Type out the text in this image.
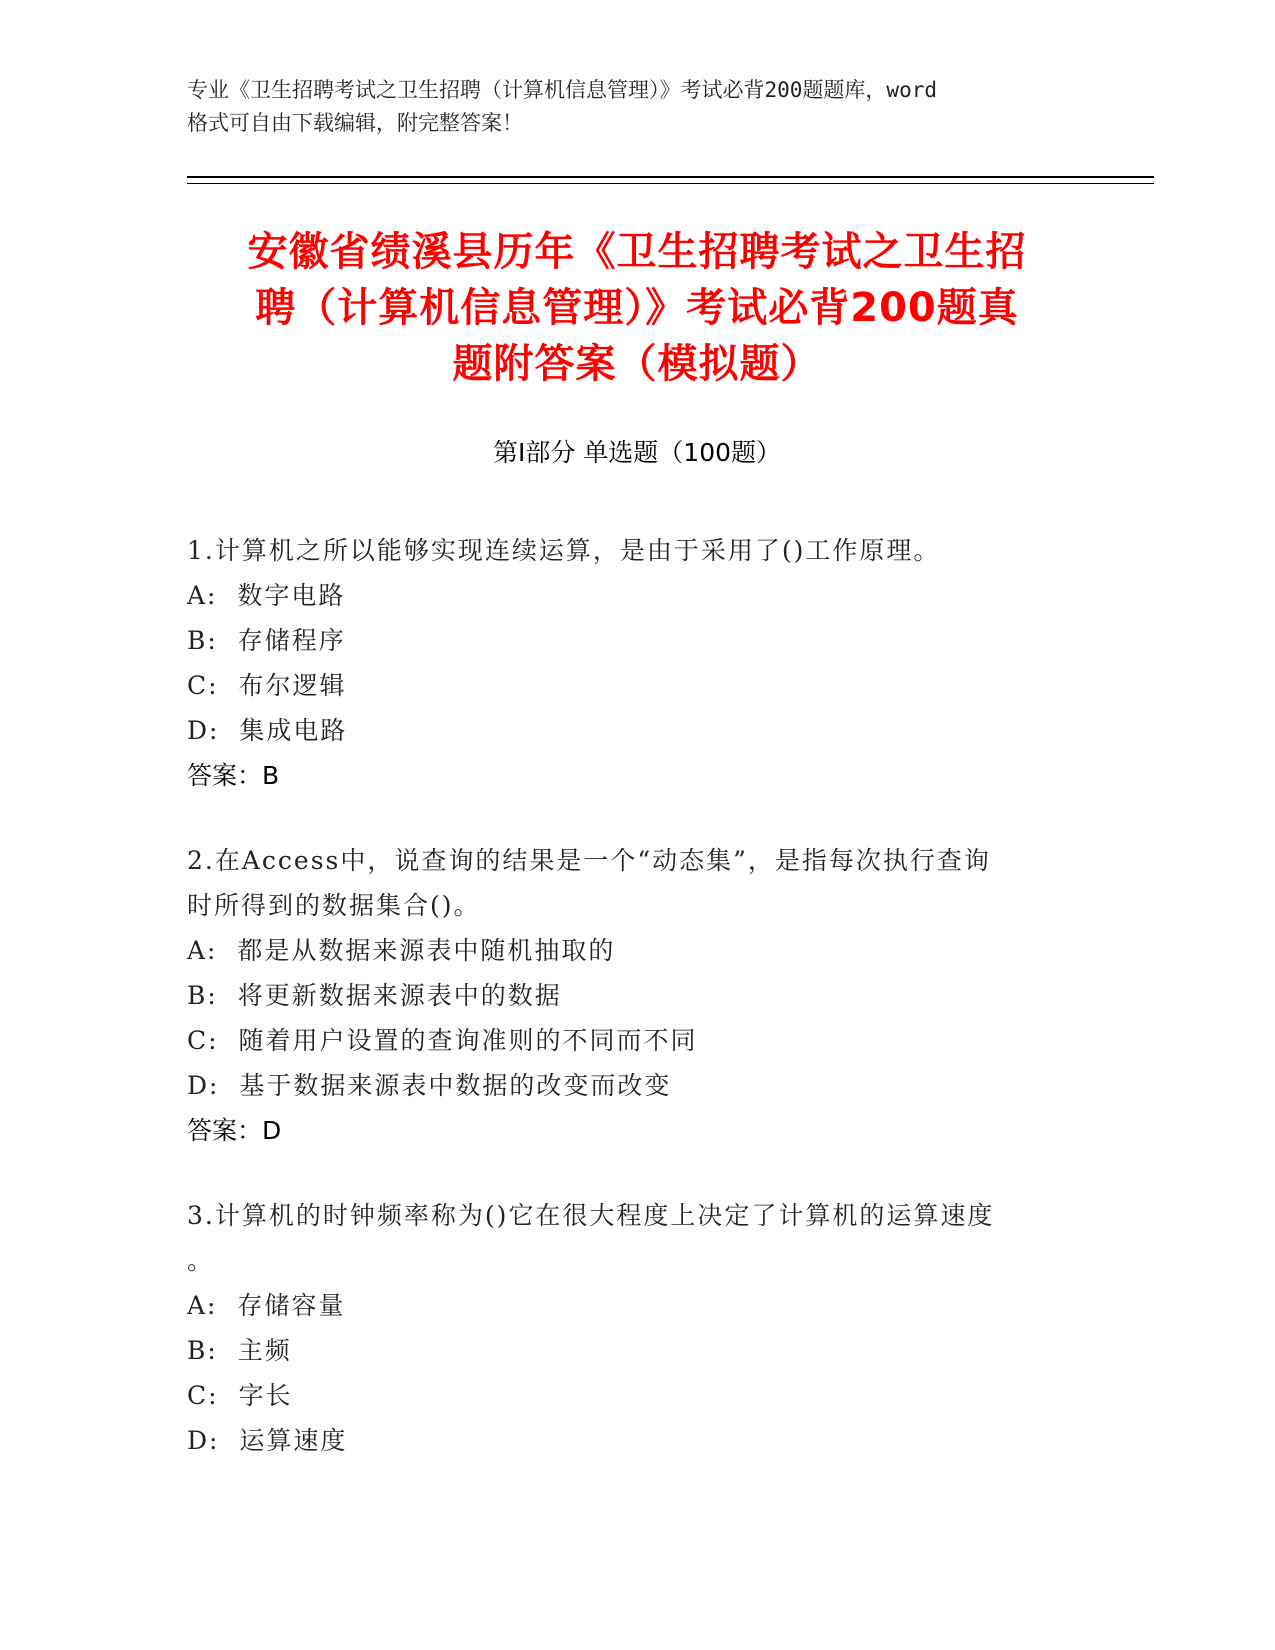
专业《卫生招聘考试之卫生招聘（计算机信息管理）》考试必背200题题库，word
格式可自由下载编辑，附完整答案！
安徽省绩溪县历年《卫生招聘考试之卫生招
聘（计算机信息管理）》考试必背200题真
题附答案（模拟题）
第Ⅰ部分 单选题（100题）

1.计算机之所以能够实现连续运算，是由于采用了()工作原理。

A:  数字电路

B:  存储程序

C:  布尔逻辑

D:  集成电路

答案：B

2.在Access中，说查询的结果是一个“动态集”，是指每次执行查询

时所得到的数据集合()。

A:  都是从数据来源表中随机抽取的

B:  将更新数据来源表中的数据

C:  随着用户设置的查询准则的不同而不同

D:  基于数据来源表中数据的改变而改变

答案：D

3.计算机的时钟频率称为()它在很大程度上决定了计算机的运算速度

。

A:  存储容量

B:  主频

C:  字长

D:  运算速度
